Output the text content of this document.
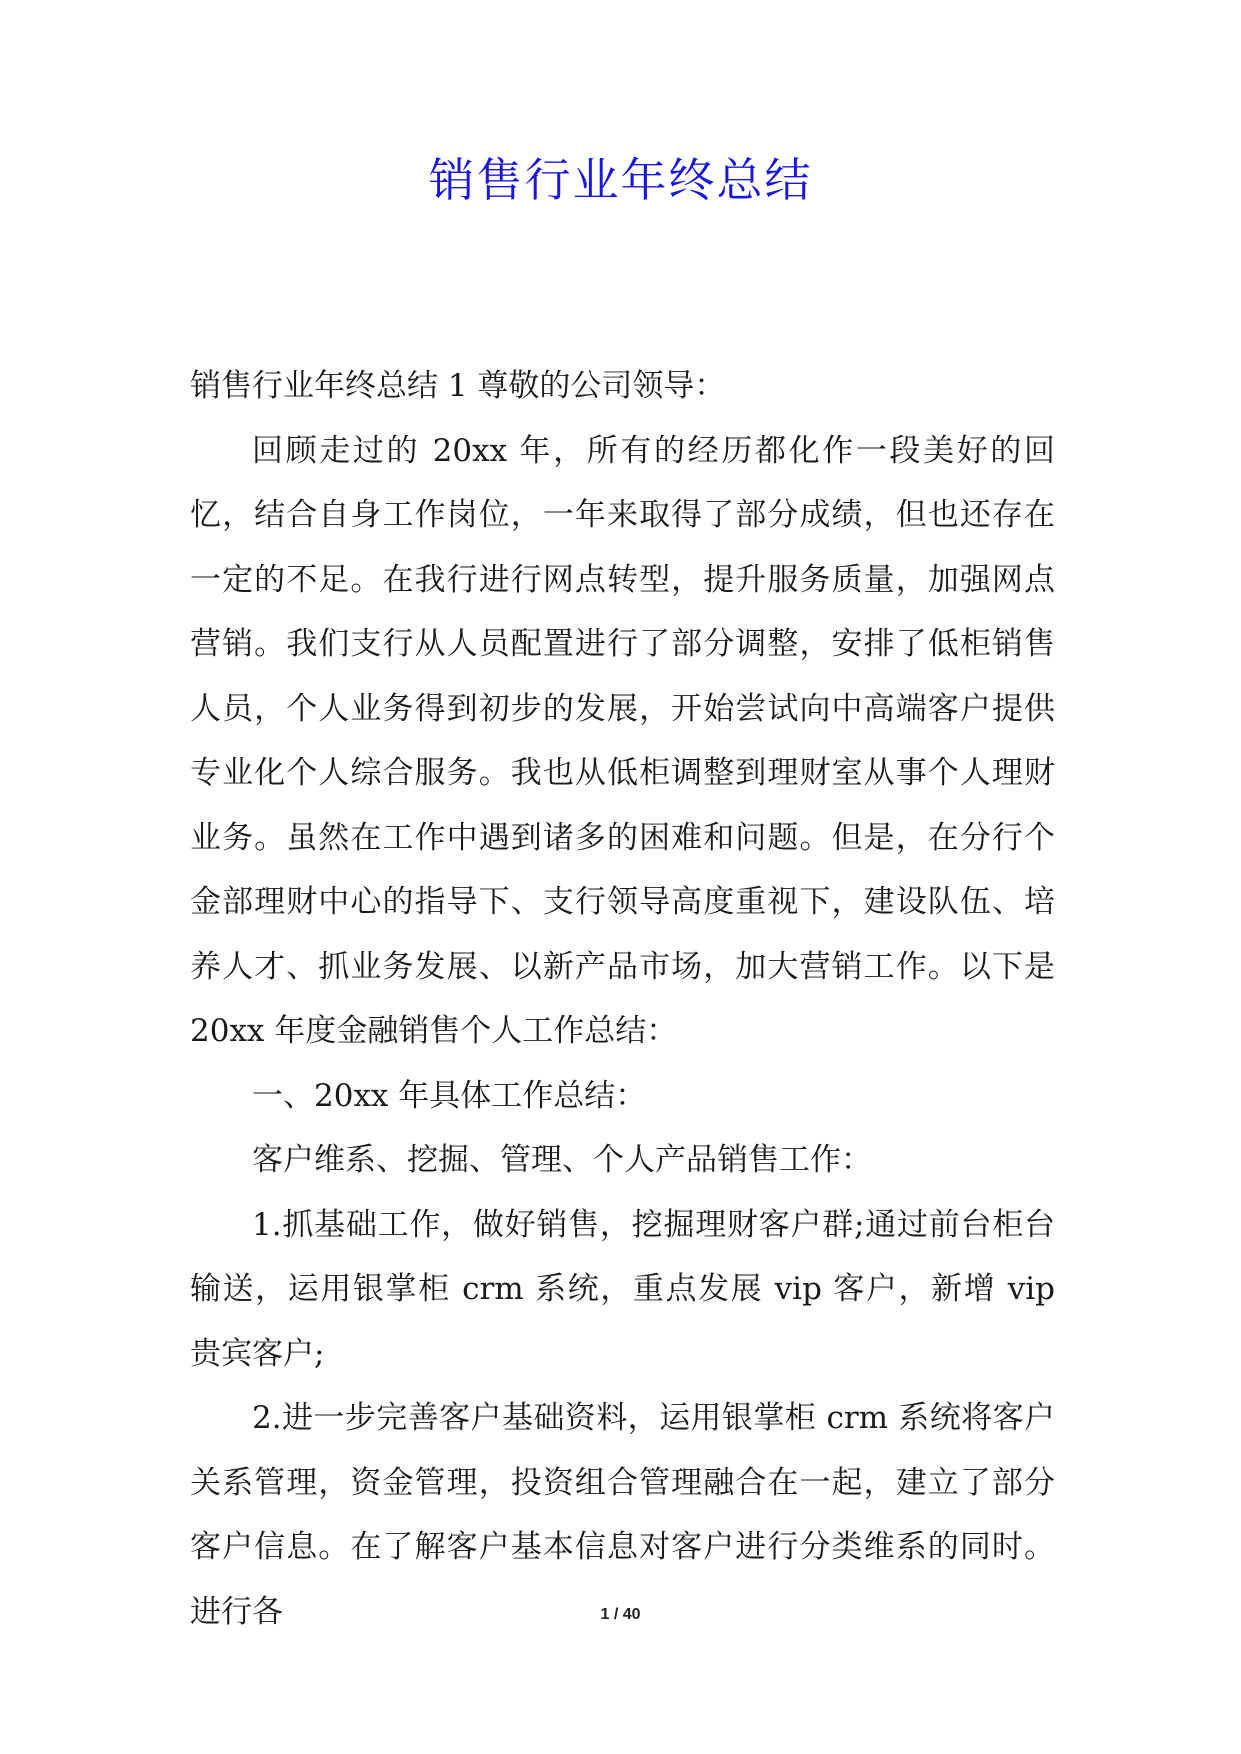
销售行业年终总结

销售行业年终总结 1 尊敬的公司领导：

回顾走过的 20xx 年，所有的经历都化作一段美好的回忆，结合自身工作岗位，一年来取得了部分成绩，但也还存在一定的不足。在我行进行网点转型，提升服务质量，加强网点营销。我们支行从人员配置进行了部分调整，安排了低柜销售人员，个人业务得到初步的发展，开始尝试向中高端客户提供专业化个人综合服务。我也从低柜调整到理财室从事个人理财业务。虽然在工作中遇到诸多的困难和问题。但是，在分行个金部理财中心的指导下、支行领导高度重视下，建设队伍、培养人才、抓业务发展、以新产品市场，加大营销工作。以下是 20xx 年度金融销售个人工作总结：

一、20xx 年具体工作总结：

客户维系、挖掘、管理、个人产品销售工作：

1.抓基础工作，做好销售，挖掘理财客户群;通过前台柜台输送，运用银掌柜 crm 系统，重点发展 vip 客户，新增 vip 贵宾客户;

2.进一步完善客户基础资料，运用银掌柜 crm 系统将客户关系管理，资金管理，投资组合管理融合在一起，建立了部分客户信息。在了解客户基本信息对客户进行分类维系的同时。进行各	1 / 40
